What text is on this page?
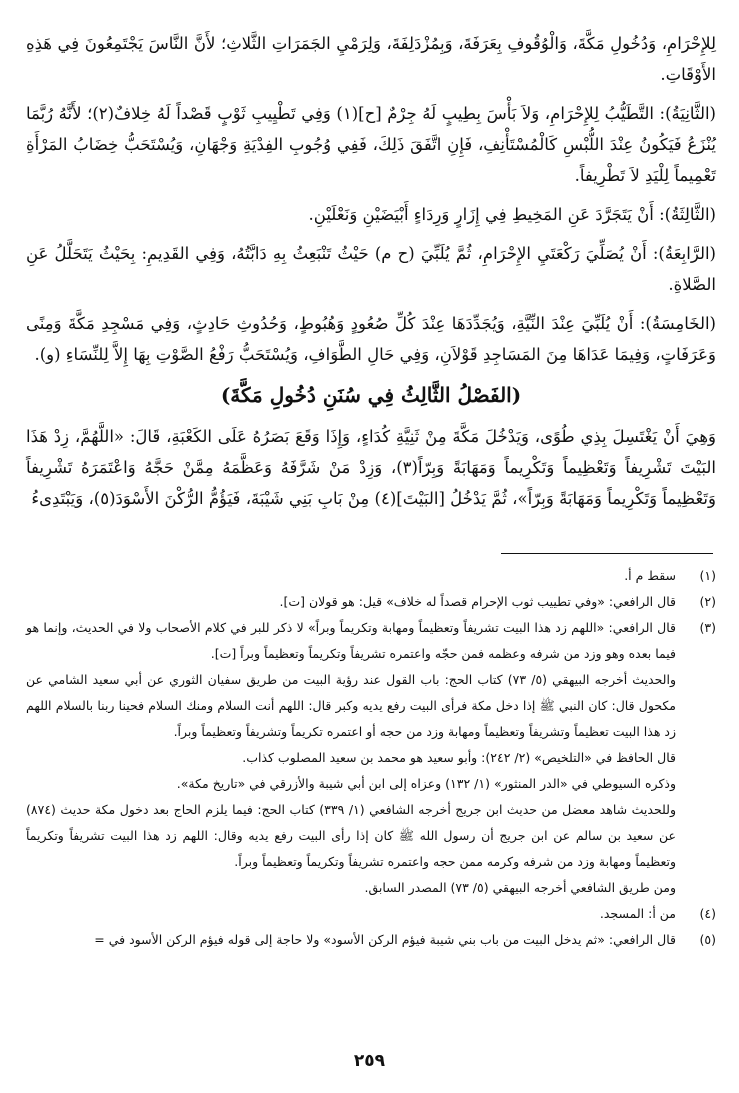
لِلإِحْرَامِ، وَدُخُولِ مَكَّةَ، وَالْوُقُوفِ بِعَرَفَةَ، وَبِمُزْدَلِفَةَ، وَلِرَمْيِ الجَمَرَاتِ الثَّلاثِ؛ لأَنَّ النَّاسَ يَجْتَمِعُونَ فِي هَذِهِ الأَوْقَاتِ.

(الثَّانِيَةُ): التَّطَيُّبُ لِلإِحْرَامِ، وَلاَ بَأْسَ بِطِيبٍ لَهُ جِرْمٌ [ح](١) وَفِي تَطْيِيبِ ثَوْبٍ قَصْداً لَهُ خِلافٌ(٢)؛ لأَنَّهُ رُبَّمَا يُنْزَعُ فَيَكُونُ عِنْدَ اللُّبْسِ كَالْمُسْتَأْنِفِ، فَإِنِ اتَّفَقَ ذَلِكَ، فَفِي وُجُوبِ الفِدْيَةِ وَجْهَانِ، وَيُسْتَحَبُّ خِضَابُ المَرْأَةِ تَعْمِيماً لِلْيَدِ لاَ تَطْرِيفاً.

(الثَّالِثَةُ): أَنْ يَتَجَرَّدَ عَنِ المَخِيطِ فِي إِزَارٍ وَرِدَاءٍ أَبْيَضَيْنِ وَنَعْلَيْنِ.

(الرَّابِعَةُ): أَنْ يُصَلِّيَ رَكْعَتَيِ الإِحْرَامِ، ثُمَّ يُلَبِّيَ (ح م) حَيْثُ تَنْبَعِثُ بِهِ دَابَّتُهُ، وَفِي القَدِيمِ: بِحَيْثُ يَتَحَلَّلُ عَنِ الصَّلاةِ.

(الخَامِسَةُ): أَنْ يُلَبِّيَ عِنْدَ النِّيَّةِ، وَيُجَدِّدَهَا عِنْدَ كُلِّ صُعُودٍ وَهُبُوطٍ، وَحُدُوثِ حَادِثٍ، وَفِي مَسْجِدِ مَكَّةَ وَمِنًى وَعَرَفَاتٍ، وَفِيمَا عَدَاهَا مِنَ المَسَاجِدِ قَوْلاَنِ، وَفِي حَالِ الطَّوَافِ، وَيُسْتَحَبُّ رَفْعُ الصَّوْتِ بِهَا إِلاَّ لِلنِّسَاءِ (و).

(الفَصْلُ الثَّالِثُ فِي سُنَنِ دُخُولِ مَكَّةَ)

وَهِيَ أَنْ يَغْتَسِلَ بِذِي طُوًى، وَيَدْخُلَ مَكَّةَ مِنْ ثَنِيَّةِ كُدَاءٍ، وَإِذَا وَقَعَ بَصَرُهُ عَلَى الكَعْبَةِ، قَالَ: «اللَّهُمَّ، زِدْ هَذَا البَيْتَ تَشْرِيفاً وَتَعْظِيماً وَتَكْرِيماً وَمَهَابَةً وَبِرّاً(٣)، وَزِدْ مَنْ شَرَّفَهُ وَعَظَّمَهُ مِمَّنْ حَجَّهُ وَاعْتَمَرَهُ تَشْرِيفاً وَتَعْظِيماً وَتَكْرِيماً وَمَهَابَةً وَبِرّاً»، ثُمَّ يَدْخُلُ [البَيْتَ](٤) مِنْ بَابِ بَنِي شَيْبَةَ، فَيَؤُمُّ الرُّكْنَ الأَسْوَدَ(٥)، وَيَبْتَدِىءُ

(١)

سقط م أ.

(٢)

قال الرافعي: «وفي تطييب ثوب الإحرام قصداً له خلاف» قيل: هو قولان [ت].

(٣)

قال الرافعي: «اللهم زد هذا البيت تشريفاً وتعظيماً ومهابة وتكريماً وبراً» لا ذكر للبر في كلام الأصحاب ولا في الحديث، وإنما هو فيما بعده وهو وزد من شرفه وعظمه فمن حجّه واعتمره تشريفاً وتكريماً وتعظيماً وبراً [ت].

والحديث أخرجه البيهقي (٥/ ٧٣) كتاب الحج: باب القول عند رؤية البيت من طريق سفيان الثوري عن أبي سعيد الشامي عن مكحول قال: كان النبي ﷺ إذا دخل مكة فرأى البيت رفع يديه وكبر قال: اللهم أنت السلام ومنك السلام فحينا ربنا بالسلام اللهم زد هذا البيت تعظيماً وتشريفاً وتعظيماً ومهابة وزد من حجه أو اعتمره تكريماً وتشريفاً وتعظيماً وبراً.

قال الحافظ في «التلخيص» (٢/ ٢٤٢): وأبو سعيد هو محمد بن سعيد المصلوب كذاب.

وذكره السيوطي في «الدر المنثور» (١/ ١٣٢) وعزاه إلى ابن أبي شيبة والأزرقي في «تاريخ مكة».

وللحديث شاهد معضل من حديث ابن جريج أخرجه الشافعي (١/ ٣٣٩) كتاب الحج: فيما يلزم الحاج بعد دخول مكة حديث (٨٧٤) عن سعيد بن سالم عن ابن جريج أن رسول الله ﷺ كان إذا رأى البيت رفع يديه وقال: اللهم زد هذا البيت تشريفاً وتكريماً وتعظيماً ومهابة وزد من شرفه وكرمه ممن حجه واعتمره تشريفاً وتكريماً وتعظيماً وبراً.

ومن طريق الشافعي أخرجه البيهقي (٥/ ٧٣) المصدر السابق.

(٤)

من أ: المسجد.

(٥)

قال الرافعي: «ثم يدخل البيت من باب بني شيبة فيؤم الركن الأسود» ولا حاجة إلى قوله فيؤم الركن الأسود في =

٢٥٩
